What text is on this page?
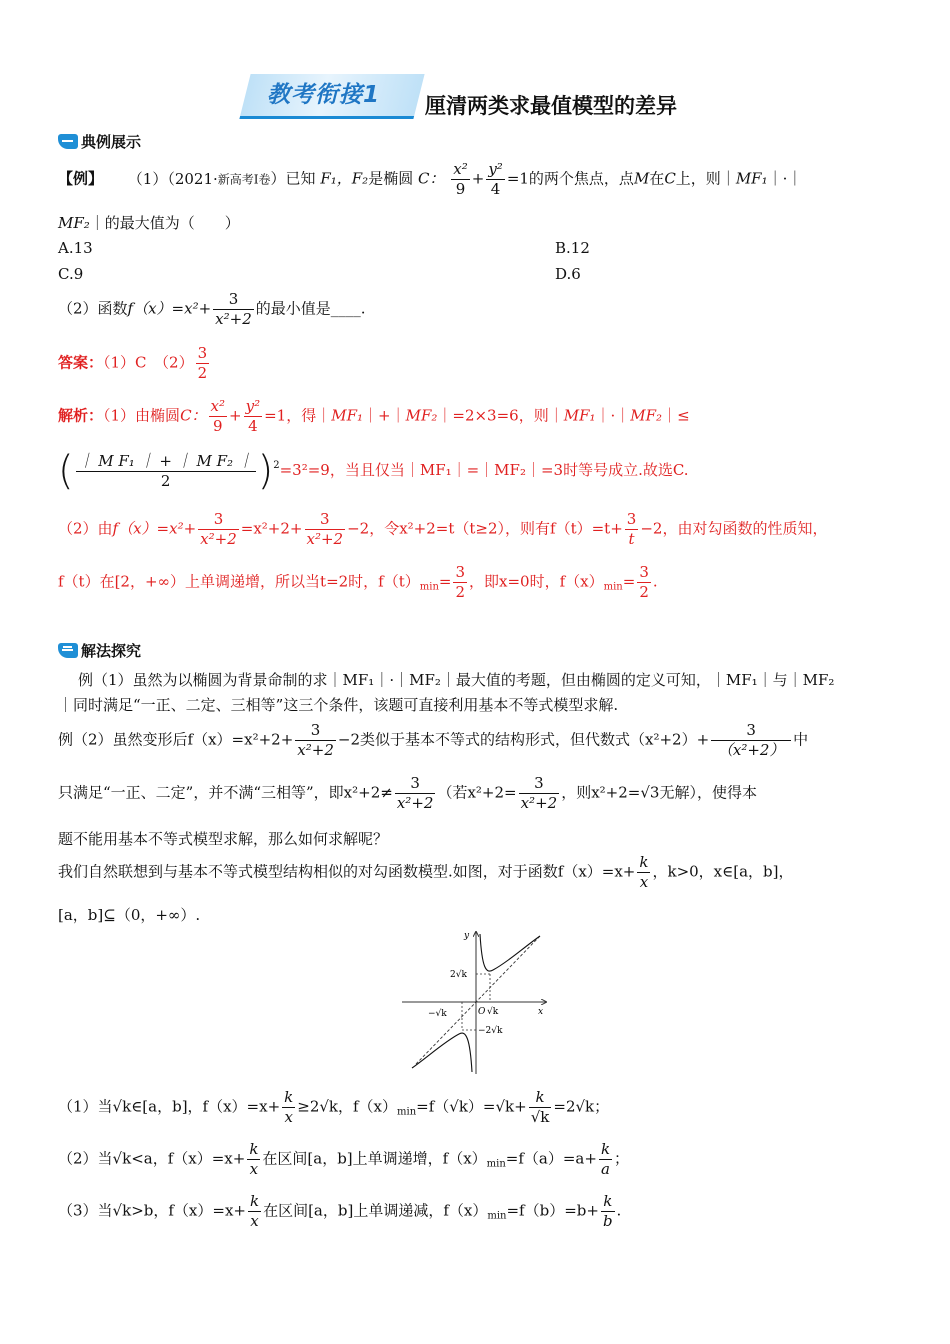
教考衔接1 厘清两类求最值模型的差异
典例展示
【例】 （1）（2021·新高考Ⅰ卷）已知 F₁，F₂是椭圆 C： $\frac{\text{x²}}{9} + \frac{\text{y²}}{4} =1$的两个焦点，点M在C上，则｜MF₁｜·｜
MF₂｜的最大值为（　　）
A.13	B.12
C.9	D.6
（2）函数$f(x)=x^2+ \frac{3}{\text{x²+2}}$ 的最小值是____.
答案：（1）C　$(2) \frac{3}{2}$
解析：（1）由椭圆C： $\frac{\text{x²}}{9} + \frac{\text{y²}}{4} =1$，得｜MF₁｜+｜MF₂｜=2×3=6，则｜MF₁｜·｜MF₂｜≤
( $\frac{\text{｜ M F₁ ｜ + ｜ M F₂ ｜}}{2} )^2=3^2=9$，当且仅当｜MF₁｜=｜MF₂｜=3时等号成立.故选C.
（2）由$f(x)=x^2+ \frac{3}{\text{x²+2}} =x^2+2+ \frac{3}{\text{x²+2}} -2$，令x²+2=t（t≥2），则有$f(t)=t+ \frac{3}{t} -2$，由对勾函数的性质知，
f（t）在[2，+∞）上单调递增，所以当t=2时，$f(t)_{min}= \frac{3}{2}$ ，即x=0时，$f(x)_{min}= \frac{3}{2}$ .
解法探究
例（1）虽然为以椭圆为背景命制的求｜MF₁｜·｜MF₂｜最大值的考题，但由椭圆的定义可知，｜MF₁｜与｜MF₂
｜同时满足“一正、二定、三相等”这三个条件，该题可直接利用基本不等式模型求解.
例（2）虽然变形后$f(x)=x^2+2+ \frac{3}{\text{x²+2}} -2$类似于基本不等式的结构形式，但代数式$(x^2+2)+ \frac{3}{\text{（x²+2）}}$ 中
只满足“一正、二定”，并不满“三相等”，即$x^2+2\ne \frac{3}{\text{x²+2}}$ （若$x^2+2= \frac{3}{\text{x²+2}}$ ，则x²+2=√3无解），使得本
题不能用基本不等式模型求解，那么如何求解呢？
我们自然联想到与基本不等式模型结构相似的对勾函数模型.如图，对于函数$f(x)=x+ \frac{k}{x}$ ，k>0，x∈[a，b]，
[a，b]⊆（0，+∞）.
y
x
O
2√k
√k
−√k
−2√k
（1）当√k∈[a，b]，$f(x)=x+ \frac{k}{x} \ge 2√k$，$f(x)_{min}=f(√k)=√k+ \frac{k}{√k} =2√k$；
（2）当√k<a，$f(x)=x+ \frac{k}{x}$ 在区间[a，b]上单调递增，$f(x)_{min}=f(a)=a+ \frac{k}{a}$ ；
（3）当√k>b，$f(x)=x+ \frac{k}{x}$ 在区间[a，b]上单调递减，$f(x)_{min}=f(b)=b+ \frac{k}{b}$ .
